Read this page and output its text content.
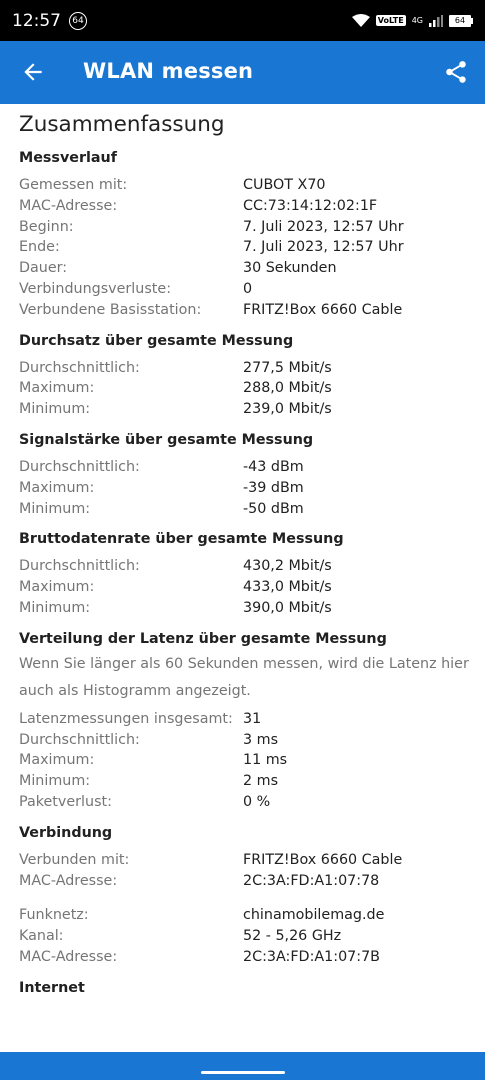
12:57	64	VoLTE 4G	64
WLAN messen
Zusammenfassung
Messverlauf
Gemessen mit:	CUBOT X70
MAC-Adresse:	CC:73:14:12:02:1F
Beginn:	7. Juli 2023, 12:57 Uhr
Ende:	7. Juli 2023, 12:57 Uhr
Dauer:	30 Sekunden
Verbindungsverluste:	0
Verbundene Basisstation:	FRITZ!Box 6660 Cable
Durchsatz über gesamte Messung
Durchschnittlich:	277,5 Mbit/s
Maximum:	288,0 Mbit/s
Minimum:	239,0 Mbit/s
Signalstärke über gesamte Messung
Durchschnittlich:	-43 dBm
Maximum:	-39 dBm
Minimum:	-50 dBm
Bruttodatenrate über gesamte Messung
Durchschnittlich:	430,2 Mbit/s
Maximum:	433,0 Mbit/s
Minimum:	390,0 Mbit/s
Verteilung der Latenz über gesamte Messung
Wenn Sie länger als 60 Sekunden messen, wird die Latenz hier auch als Histogramm angezeigt.
Latenzmessungen insgesamt: 31
Durchschnittlich:	3 ms
Maximum:	11 ms
Minimum:	2 ms
Paketverlust:	0 %
Verbindung
Verbunden mit:	FRITZ!Box 6660 Cable
MAC-Adresse:	2C:3A:FD:A1:07:78
Funknetz:	chinamobilemag.de
Kanal:	52 - 5,26 GHz
MAC-Adresse:	2C:3A:FD:A1:07:7B
Internet
